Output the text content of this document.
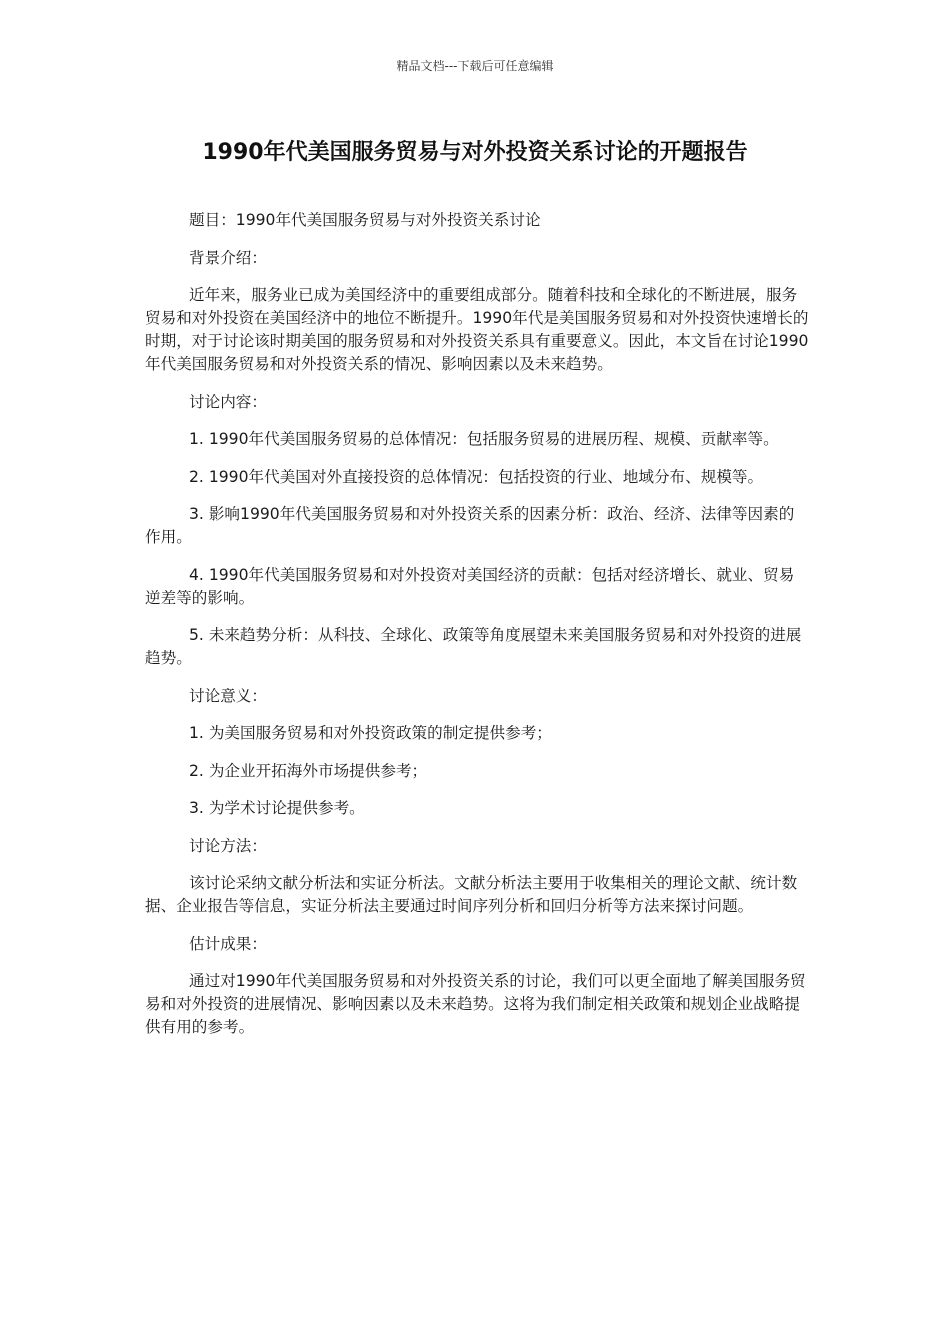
精品文档---下载后可任意编辑
1990年代美国服务贸易与对外投资关系讨论的开题报告

题目：1990年代美国服务贸易与对外投资关系讨论

背景介绍：

近年来，服务业已成为美国经济中的重要组成部分。随着科技和全球化的不断进展，服务贸易和对外投资在美国经济中的地位不断提升。1990年代是美国服务贸易和对外投资快速增长的时期，对于讨论该时期美国的服务贸易和对外投资关系具有重要意义。因此，本文旨在讨论1990年代美国服务贸易和对外投资关系的情况、影响因素以及未来趋势。

讨论内容：

1. 1990年代美国服务贸易的总体情况：包括服务贸易的进展历程、规模、贡献率等。

2. 1990年代美国对外直接投资的总体情况：包括投资的行业、地域分布、规模等。

3. 影响1990年代美国服务贸易和对外投资关系的因素分析：政治、经济、法律等因素的作用。

4. 1990年代美国服务贸易和对外投资对美国经济的贡献：包括对经济增长、就业、贸易逆差等的影响。

5. 未来趋势分析：从科技、全球化、政策等角度展望未来美国服务贸易和对外投资的进展趋势。

讨论意义：

1. 为美国服务贸易和对外投资政策的制定提供参考；

2. 为企业开拓海外市场提供参考；

3. 为学术讨论提供参考。

讨论方法：

该讨论采纳文献分析法和实证分析法。文献分析法主要用于收集相关的理论文献、统计数据、企业报告等信息，实证分析法主要通过时间序列分析和回归分析等方法来探讨问题。

估计成果：

通过对1990年代美国服务贸易和对外投资关系的讨论，我们可以更全面地了解美国服务贸易和对外投资的进展情况、影响因素以及未来趋势。这将为我们制定相关政策和规划企业战略提供有用的参考。
